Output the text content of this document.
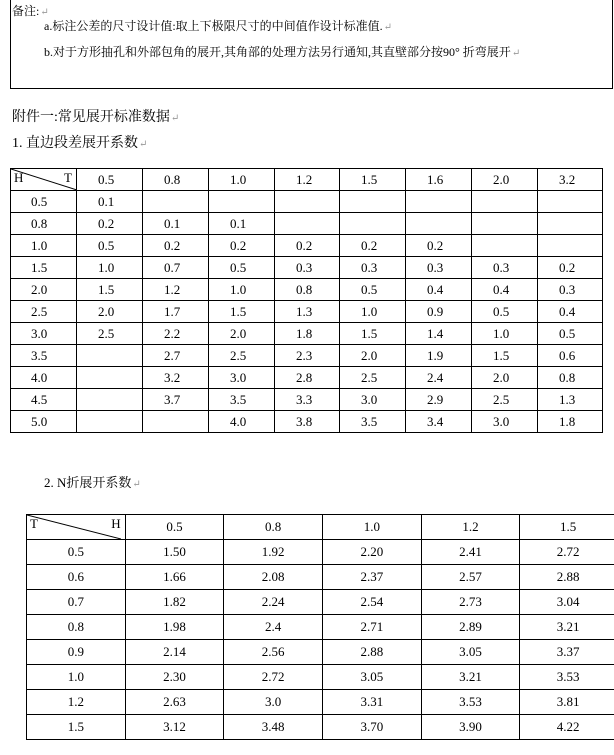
备注:↵
a.标注公差的尺寸设计值:取上下极限尺寸的中间值作设计标准值.↵
b.对于方形抽孔和外部包角的展开,其角部的处理方法另行通知,其直壁部分按90° 折弯展开↵
附件一:常见展开标准数据↵
1. 直边段差展开系数↵
H T	0.5	0.8	1.0	1.2	1.5	1.6	2.0	3.2
0.5	0.1							
0.8	0.2	0.1	0.1					
1.0	0.5	0.2	0.2	0.2	0.2	0.2		
1.5	1.0	0.7	0.5	0.3	0.3	0.3	0.3	0.2
2.0	1.5	1.2	1.0	0.8	0.5	0.4	0.4	0.3
2.5	2.0	1.7	1.5	1.3	1.0	0.9	0.5	0.4
3.0	2.5	2.2	2.0	1.8	1.5	1.4	1.0	0.5
3.5		2.7	2.5	2.3	2.0	1.9	1.5	0.6
4.0		3.2	3.0	2.8	2.5	2.4	2.0	0.8
4.5		3.7	3.5	3.3	3.0	2.9	2.5	1.3
5.0			4.0	3.8	3.5	3.4	3.0	1.8
2. N折展开系数↵
T H	0.5	0.8	1.0	1.2	1.5
0.5	1.50	1.92	2.20	2.41	2.72
0.6	1.66	2.08	2.37	2.57	2.88
0.7	1.82	2.24	2.54	2.73	3.04
0.8	1.98	2.4	2.71	2.89	3.21
0.9	2.14	2.56	2.88	3.05	3.37
1.0	2.30	2.72	3.05	3.21	3.53
1.2	2.63	3.0	3.31	3.53	3.81
1.5	3.12	3.48	3.70	3.90	4.22
